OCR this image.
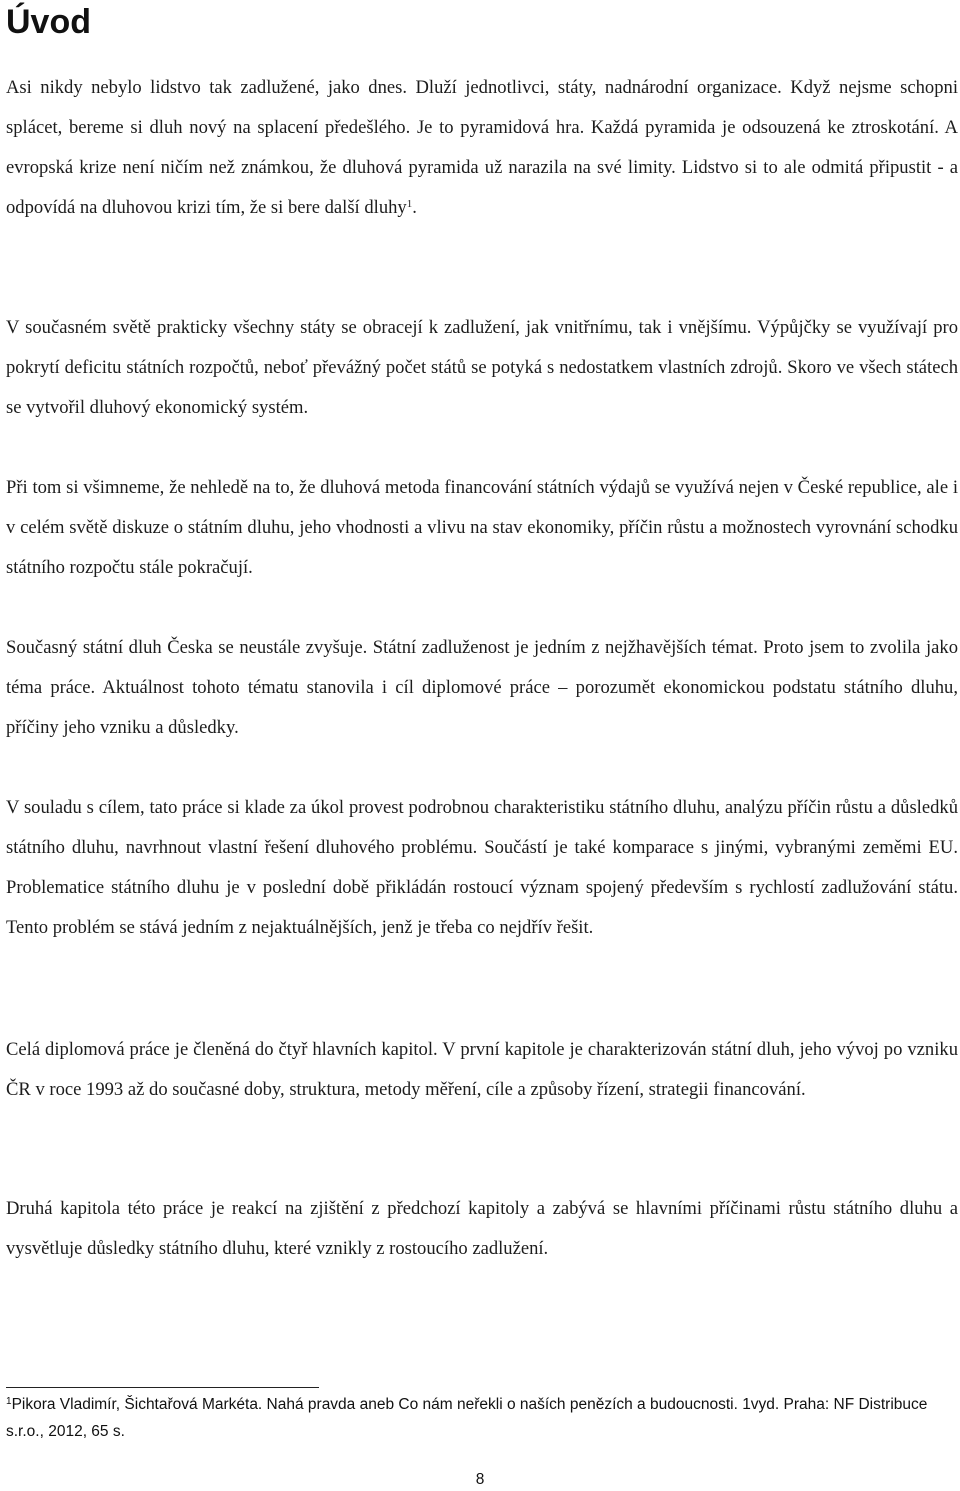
Úvod

Asi nikdy nebylo lidstvo tak zadlužené, jako dnes. Dluží jednotlivci, státy, nadnárodní organizace. Když nejsme schopni splácet, bereme si dluh nový na splacení předešlého. Je to pyramidová hra. Každá pyramida je odsouzená ke ztroskotání. A evropská krize není ničím než známkou, že dluhová pyramida už narazila na své limity. Lidstvo si to ale odmitá připustit - a odpovídá na dluhovou krizi tím, že si bere další dluhy$^1$.

V současném světě prakticky všechny státy se obracejí k zadlužení, jak vnitřnímu, tak i vnějšímu. Výpůjčky se využívají pro pokrytí deficitu státních rozpočtů, neboť převážný počet států se potyká s nedostatkem vlastních zdrojů. Skoro ve všech státech se vytvořil dluhový ekonomický systém.

Při tom si všimneme, že nehledě na to, že dluhová metoda financování státních výdajů se využívá nejen v České republice, ale i v celém světě diskuze o státním dluhu, jeho vhodnosti a vlivu na stav ekonomiky, příčin růstu a možnostech vyrovnání schodku státního rozpočtu stále pokračují.

Současný státní dluh Česka se neustále zvyšuje. Státní zadluženost je jedním z nejžhavějších témat. Proto jsem to zvolila jako téma práce. Aktuálnost tohoto tématu stanovila i cíl diplomové práce – porozumět ekonomickou podstatu státního dluhu, příčiny jeho vzniku a důsledky.

V souladu s cílem, tato práce si klade za úkol provest podrobnou charakteristiku státního dluhu, analýzu příčin růstu a důsledků státního dluhu, navrhnout vlastní řešení dluhového problému. Součástí je také komparace s jinými, vybranými zeměmi EU. Problematice státního dluhu je v poslední době přikládán rostoucí význam spojený především s rychlostí zadlužování státu. Tento problém se stává jedním z nejaktuálnějších, jenž je třeba co nejdřív řešit.

Celá diplomová práce je členěná do čtyř hlavních kapitol. V první kapitole je charakterizován státní dluh, jeho vývoj po vzniku ČR v roce 1993 až do současné doby, struktura, metody měření, cíle a způsoby řízení, strategii financování.

Druhá kapitola této práce je reakcí na zjištění z předchozí kapitoly a zabývá se hlavními příčinami růstu státního dluhu a vysvětluje důsledky státního dluhu, které vznikly z rostoucího zadlužení.

$^1$Pikora Vladimír, Šichtařová Markéta. Nahá pravda aneb Co nám neřekli o naších penězích a budoucnosti. 1vyd. Praha: NF Distribuce s.r.o., 2012, 65 s.

8
